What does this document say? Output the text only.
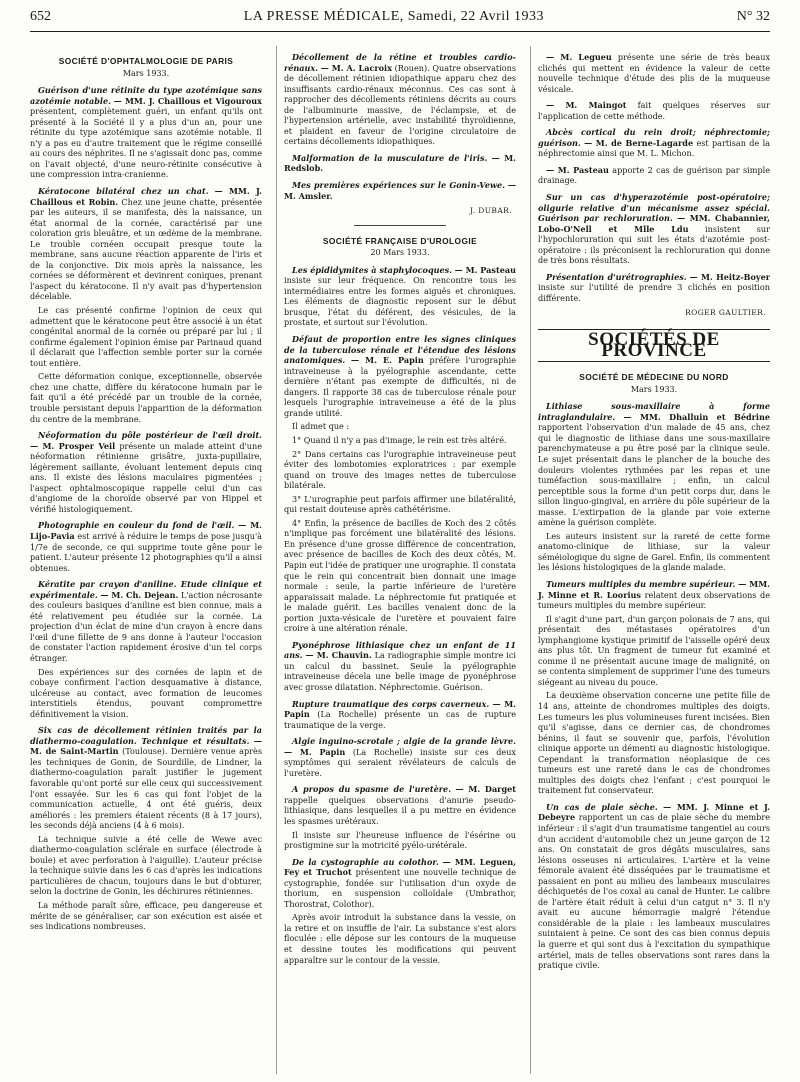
652	LA PRESSE MÉDICALE, Samedi, 22 Avril 1933	N° 32
SOCIÉTÉ D'OPHTALMOLOGIE DE PARIS
Mars 1933.

Guérison d'une rétinite du type azotémique sans azotémie notable. — MM. J. Chaillous et Vigouroux présentent, complètement guéri, un enfant qu'ils ont présenté à la Société il y a plus d'un an, pour une rétinite du type azotémique sans azotémie notable. Il n'y a pas eu d'autre traitement que le régime conseillé au cours des néphrites. Il ne s'agissait donc pas, comme on l'avait objecté, d'une neuro-rétinite consécutive à une compression intra-cranienne.

Kératocone bilatéral chez un chat. — MM. J. Chaillous et Robin. Chez une jeune chatte, présentée par les auteurs, il se manifesta, dès la naissance, un état anormal de la cornée, caractérisé par une coloration gris bleuâtre, et un œdème de la membrane. Le trouble cornéen occupait presque toute la membrane, sans aucune réaction apparente de l'iris et de la conjonctive. Dix mois après la naissance, les cornées se déformèrent et devinrent coniques, prenant l'aspect du kératocone. Il n'y avait pas d'hypertension décelable.

Le cas présenté confirme l'opinion de ceux qui admettent que le kératocone peut être associé à un état congénital anormal de la cornée ou préparé par lui ; il confirme également l'opinion émise par Parinaud quand il déclarait que l'affection semble porter sur la cornée tout entière.

Cette déformation conique, exceptionnelle, observée chez une chatte, diffère du kératocone humain par le fait qu'il a été précédé par un trouble de la cornée, trouble persistant depuis l'apparition de la déformation du centre de la membrane.

Néoformation du pôle postérieur de l'œil droit. — M. Prosper Veil présente un malade atteint d'une néoformation rétinienne grisâtre, juxta-pupillaire, légèrement saillante, évoluant lentement depuis cinq ans. Il existe des lésions maculaires pigmentées ; l'aspect ophtalmoscopique rappelle celui d'un cas d'angiome de la choroïde observé par von Hippel et vérifié histologiquement.

Photographie en couleur du fond de l'œil. — M. Lijo-Pavia est arrivé à réduire le temps de pose jusqu'à 1/7e de seconde, ce qui supprime toute gêne pour le patient. L'auteur présente 12 photographies qu'il a ainsi obtenues.

Kératite par crayon d'aniline. Etude clinique et expérimentale. — M. Ch. Dejean. L'action nécrosante des couleurs basiques d'aniline est bien connue, mais a été relativement peu étudiée sur la cornée. La projection d'un éclat de mine d'un crayon à encre dans l'œil d'une fillette de 9 ans donne à l'auteur l'occasion de constater l'action rapidement érosive d'un tel corps étranger.

Des expériences sur des cornées de lapin et de cobaye confirment l'action desquamative à distance, ulcéreuse au contact, avec formation de leucomes interstitiels étendus, pouvant compromettre définitivement la vision.

Six cas de décollement rétinien traités par la diathermo-coagulation. Technique et résultats. — M. de Saint-Martin (Toulouse). Dernière venue après les techniques de Gonin, de Sourdille, de Lindner, la diathermo-coagulation paraît justifier le jugement favorable qu'ont porté sur elle ceux qui successivement l'ont essayée. Sur les 6 cas qui font l'objet de la communication actuelle, 4 ont été guéris, deux améliorés : les premiers étaient récents (8 à 17 jours), les seconds déjà anciens (4 à 6 mois).

La technique suivie a été celle de Wewe avec diathermo-coagulation sclérale en surface (électrode à boule) et avec perforation à l'aiguille). L'auteur précise la technique suivie dans les 6 cas d'après les indications particulières de chacun, toujours dans le but d'obturer, selon la doctrine de Gonin, les déchirures rétiniennes.

La méthode paraît sûre, efficace, peu dangereuse et mérite de se généraliser, car son exécution est aisée et ses indications nombreuses.

Décollement de la rétine et troubles cardio-rénaux. — M. A. Lacroix (Rouen). Quatre observations de décollement rétinien idiopathique apparu chez des insuffisants cardio-rénaux méconnus. Ces cas sont à rapprocher des décollements rétiniens décrits au cours de l'albuminurie massive, de l'éclampsie, et de l'hypertension artérielle, avec instabilité thyroïdienne, et plaident en faveur de l'origine circulatoire de certains décollements idiopathiques.

Malformation de la musculature de l'iris. — M. Redslob.

Mes premières expériences sur le Gonin-Vewe. — M. Amsler.

J. DUBAR.
SOCIÉTÉ FRANÇAISE D'UROLOGIE
20 Mars 1933.

Les épididymites à staphylocoques. — M. Pasteau insiste sur leur fréquence. On rencontre tous les intermédiaires entre les formes aiguës et chroniques. Les éléments de diagnostic reposent sur le début brusque, l'état du déférent, des vésicules, de la prostate, et surtout sur l'évolution.

Défaut de proportion entre les signes cliniques de la tuberculose rénale et l'étendue des lésions anatomiques. — M. E. Papin préfère l'urographie intraveineuse à la pyélographie ascendante, cette dernière n'étant pas exempte de difficultés, ni de dangers. Il rapporte 38 cas de tuberculose rénale pour lesquels l'urographie intraveineuse a été de la plus grande utilité.

Il admet que :

1° Quand il n'y a pas d'image, le rein est très altéré.

2° Dans certains cas l'urographie intraveineuse peut éviter des lombotomies exploratrices : par exemple quand on trouve des images nettes de tuberculose bilatérale.

3° L'urographie peut parfois affirmer une bilatéralité, qui restait douteuse après cathétérisme.

4° Enfin, la présence de bacilles de Koch des 2 côtés n'implique pas forcément une bilatéralité des lésions. En présence d'une grosse différence de concentration, avec présence de bacilles de Koch des deux côtés, M. Papin eut l'idée de pratiquer une urographie. Il constata que le rein qui concentrait bien donnait une image normale : seule, la partie inférieure de l'uretère apparaissait malade. La néphrectomie fut pratiquée et le malade guérit. Les bacilles venaient donc de la portion juxta-vésicale de l'uretère et pouvaient faire croire à une altération rénale.

Pyonéphrose lithiasique chez un enfant de 11 ans. — M. Chauvin. La radiographie simple montre ici un calcul du bassinet. Seule la pyélographie intraveineuse décela une belle image de pyonéphrose avec grosse dilatation. Néphrectomie. Guérison.

Rupture traumatique des corps caverneux. — M. Papin (La Rochelle) présente un cas de rupture traumatique de la verge.

Algie inguino-scrotale ; algie de la grande lèvre. — M. Papin (La Rochelle) insiste sur ces deux symptômes qui seraient révélateurs de calculs de l'uretère.

A propos du spasme de l'uretère. — M. Darget rappelle quelques observations d'anurie pseudo-lithiasique, dans lesquelles il a pu mettre en évidence les spasmes urétéraux.

Il insiste sur l'heureuse influence de l'ésérine ou prostigmine sur la motricité pyélo-urétérale.

De la cystographie au colothor. — MM. Leguen, Fey et Truchot présentent une nouvelle technique de cystographie, fondée sur l'utilisation d'un oxyde de thorium, en suspension colloïdale (Umbrathor, Thorostrat, Colothor).

Après avoir introduit la substance dans la vessie, on la retire et on insuffle de l'air. La substance s'est alors floculée : elle dépose sur les contours de la muqueuse et dessine toutes les modifications qui peuvent apparaître sur le contour de la vessie.

— M. Legueu présente une série de très beaux clichés qui mettent en évidence la valeur de cette nouvelle technique d'étude des plis de la muqueuse vésicale.

— M. Maingot fait quelques réserves sur l'application de cette méthode.

Abcès cortical du rein droit; néphrectomie; guérison. — M. de Berne-Lagarde est partisan de la néphrectomie ainsi que M. L. Michon.

— M. Pasteau apporte 2 cas de guérison par simple drainage.

Sur un cas d'hyperazotémie post-opératoire; oligurie relative d'un mécanisme assez spécial. Guérison par rechloruration. — MM. Chabannier, Lobo-O'Nell et Mlle Ldu insistent sur l'hypochloruration qui suit les états d'azotémie post-opératoire : ils préconisent la rechloruration qui donne de très bons résultats.

Présentation d'urétrographies. — M. Heitz-Boyer insiste sur l'utilité de prendre 3 clichés en position différente.

ROGER GAULTIER.
SOCIÉTÉS DE PROVINCE
SOCIÉTÉ DE MÉDECINE DU NORD
Mars 1933.

Lithiase sous-maxillaire à forme intraglandulaire. — MM. Dhalluin et Bédrine rapportent l'observation d'un malade de 45 ans, chez qui le diagnostic de lithiase dans une sous-maxillaire parenchymateuse a pu être posé par la clinique seule. Le sujet présentait dans le plancher de la bouche des douleurs violentes rythmées par les repas et une tuméfaction sous-maxillaire ; enfin, un calcul perceptible sous la forme d'un petit corps dur, dans le sillon linguo-gingival, en arrière du pôle supérieur de la masse. L'extirpation de la glande par voie externe amène la guérison complète.

Les auteurs insistent sur la rareté de cette forme anatomo-clinique de lithiase, sur la valeur séméiologique du signe de Garel. Enfin, ils commentent les lésions histologiques de la glande malade.

Tumeurs multiples du membre supérieur. — MM. J. Minne et R. Loorius relatent deux observations de tumeurs multiples du membre supérieur.

Il s'agit d'une part, d'un garçon polonais de 7 ans, qui présentait des métastases opératoires d'un lymphangiome kystique primitif de l'aisselle opéré deux ans plus tôt. Un fragment de tumeur fut examiné et comme il ne présentait aucune image de malignité, on se contenta simplement de supprimer l'une des tumeurs siégeant au niveau du pouce.

La deuxième observation concerne une petite fille de 14 ans, atteinte de chondromes multiples des doigts. Les tumeurs les plus volumineuses furent incisées. Bien qu'il s'agisse, dans ce dernier cas, de chondromes bénins, il faut se souvenir que, parfois, l'évolution clinique apporte un démenti au diagnostic histologique. Cependant la transformation néoplasique de ces tumeurs est une rareté dans le cas de chondromes multiples des doigts chez l'enfant ; c'est pourquoi le traitement fut conservateur.

Un cas de plaie sèche. — MM. J. Minne et J. Debeyre rapportent un cas de plaie sèche du membre inférieur : il s'agit d'un traumatisme tangentiel au cours d'un accident d'automobile chez un jeune garçon de 12 ans. On constatait de gros dégâts musculaires, sans lésions osseuses ni articulaires. L'artère et la veine fémorale avaient été disséquées par le traumatisme et passaient en pont au milieu des lambeaux musculaires déchiquetés de l'os coxal au canal de Hunter. Le calibre de l'artère était réduit à celui d'un catgut n° 3. Il n'y avait eu aucune hémorragie malgré l'étendue considérable de la plaie : les lambeaux musculaires suintaient à peine. Ce sont des cas bien connus depuis la guerre et qui sont dus à l'excitation du sympathique artériel, mais de telles observations sont rares dans la pratique civile.
